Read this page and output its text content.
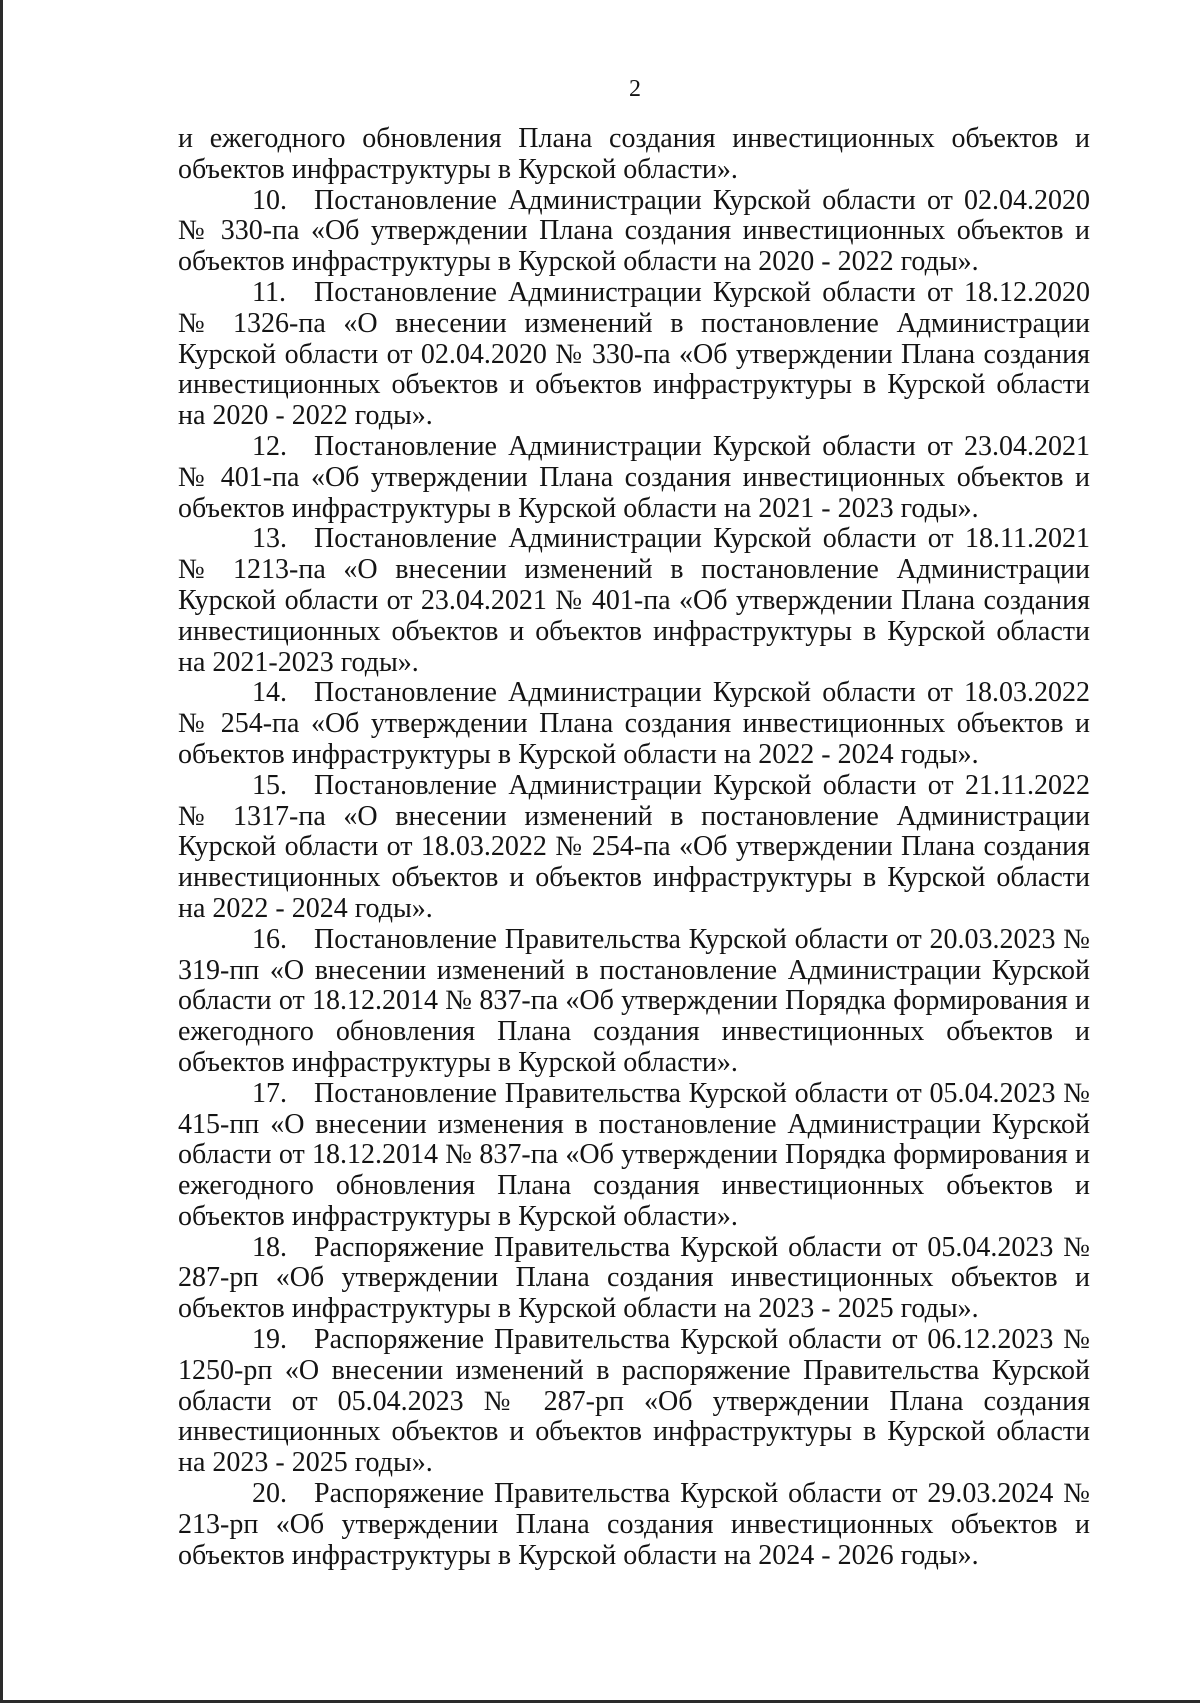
2

и ежегодного обновления Плана создания инвестиционных объектов и объектов инфраструктуры в Курской области».

10. Постановление Администрации Курской области от 02.04.2020 № 330-па «Об утверждении Плана создания инвестиционных объектов и объектов инфраструктуры в Курской области на 2020 - 2022 годы».

11. Постановление Администрации Курской области от 18.12.2020 № 1326-па «О внесении изменений в постановление Администрации Курской области от 02.04.2020 № 330-па «Об утверждении Плана создания инвестиционных объектов и объектов инфраструктуры в Курской области на 2020 - 2022 годы».

12. Постановление Администрации Курской области от 23.04.2021 № 401-па «Об утверждении Плана создания инвестиционных объектов и объектов инфраструктуры в Курской области на 2021 - 2023 годы».

13. Постановление Администрации Курской области от 18.11.2021 № 1213-па «О внесении изменений в постановление Администрации Курской области от 23.04.2021 № 401-па «Об утверждении Плана создания инвестиционных объектов и объектов инфраструктуры в Курской области на 2021-2023 годы».

14. Постановление Администрации Курской области от 18.03.2022 № 254-па «Об утверждении Плана создания инвестиционных объектов и объектов инфраструктуры в Курской области на 2022 - 2024 годы».

15. Постановление Администрации Курской области от 21.11.2022 № 1317-па «О внесении изменений в постановление Администрации Курской области от 18.03.2022 № 254-па «Об утверждении Плана создания инвестиционных объектов и объектов инфраструктуры в Курской области на 2022 - 2024 годы».

16. Постановление Правительства Курской области от 20.03.2023 № 319-пп «О внесении изменений в постановление Администрации Курской области от 18.12.2014 № 837-па «Об утверждении Порядка формирования и ежегодного обновления Плана создания инвестиционных объектов и объектов инфраструктуры в Курской области».

17. Постановление Правительства Курской области от 05.04.2023 № 415-пп «О внесении изменения в постановление Администрации Курской области от 18.12.2014 № 837-па «Об утверждении Порядка формирования и ежегодного обновления Плана создания инвестиционных объектов и объектов инфраструктуры в Курской области».

18. Распоряжение Правительства Курской области от 05.04.2023 № 287-рп «Об утверждении Плана создания инвестиционных объектов и объектов инфраструктуры в Курской области на 2023 - 2025 годы».

19. Распоряжение Правительства Курской области от 06.12.2023 № 1250-рп «О внесении изменений в распоряжение Правительства Курской области от 05.04.2023 № 287-рп «Об утверждении Плана создания инвестиционных объектов и объектов инфраструктуры в Курской области на 2023 - 2025 годы».

20. Распоряжение Правительства Курской области от 29.03.2024 № 213-рп «Об утверждении Плана создания инвестиционных объектов и объектов инфраструктуры в Курской области на 2024 - 2026 годы».
